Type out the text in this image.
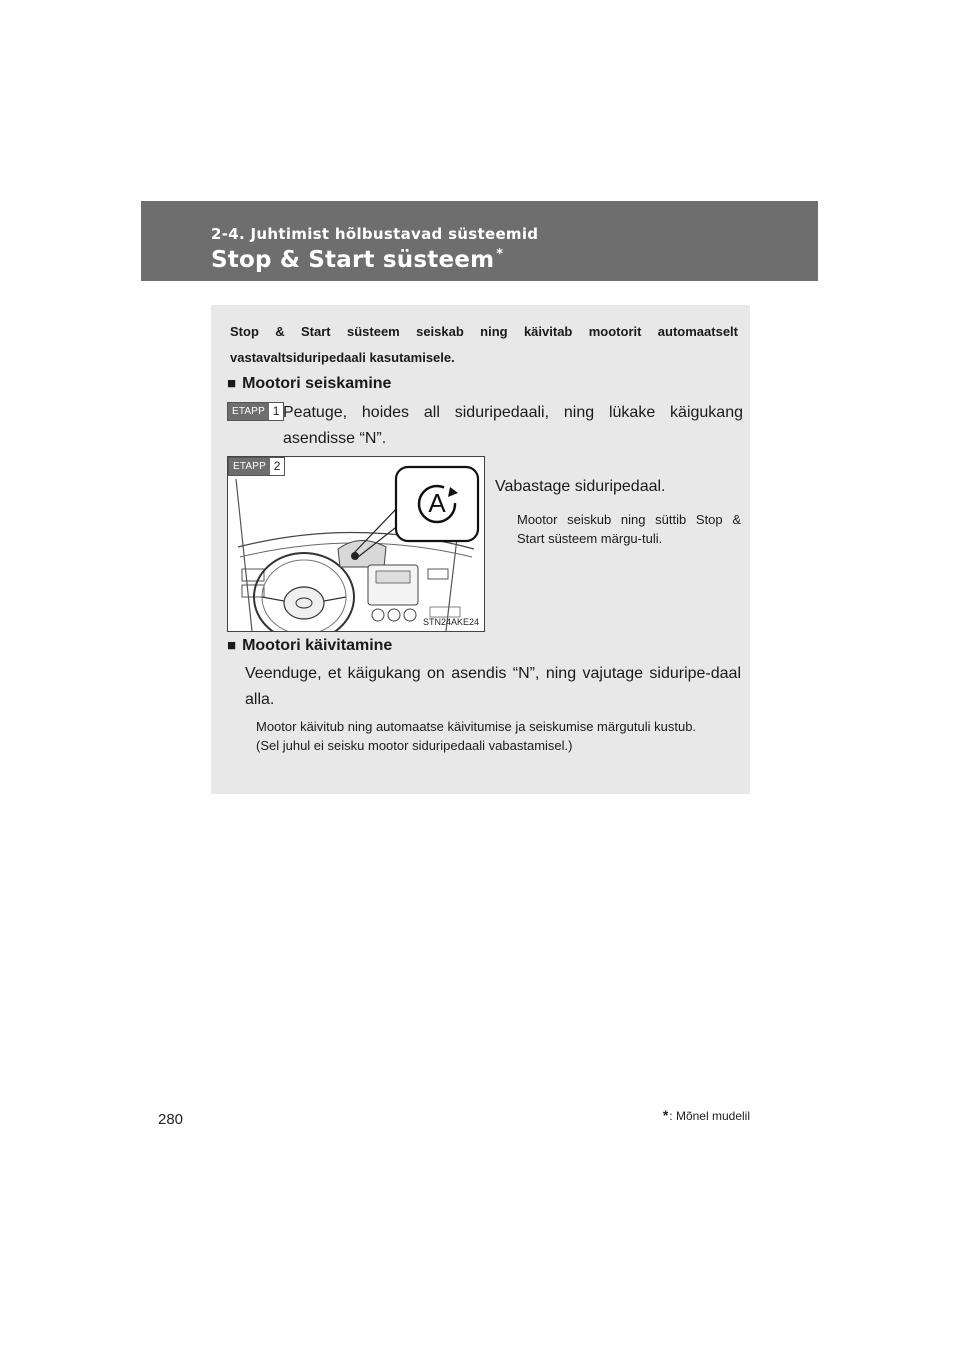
2-4. Juhtimist hõlbustavad süsteemid
Stop & Start süsteem *
Stop & Start süsteem seiskab ning käivitab mootorit automaatselt vastavaltsiduripedaali kasutamisele.
■ Mootori seiskamine
ETAPP 1 Peatuge, hoides all siduripedaali, ning lükake käigukang asendisse “N”.
ETAPP 2
A
STN24AKE24
Vabastage siduripedaal.
Mootor seiskub ning süttib Stop & Start süsteem märgu-tuli.
■ Mootori käivitamine
Veenduge, et käigukang on asendis “N”, ning vajutage siduripe-daal alla.
Mootor käivitub ning automaatse käivitumise ja seiskumise märgutuli kustub.
(Sel juhul ei seisku mootor siduripedaali vabastamisel.)
*: Mõnel mudelil
280
